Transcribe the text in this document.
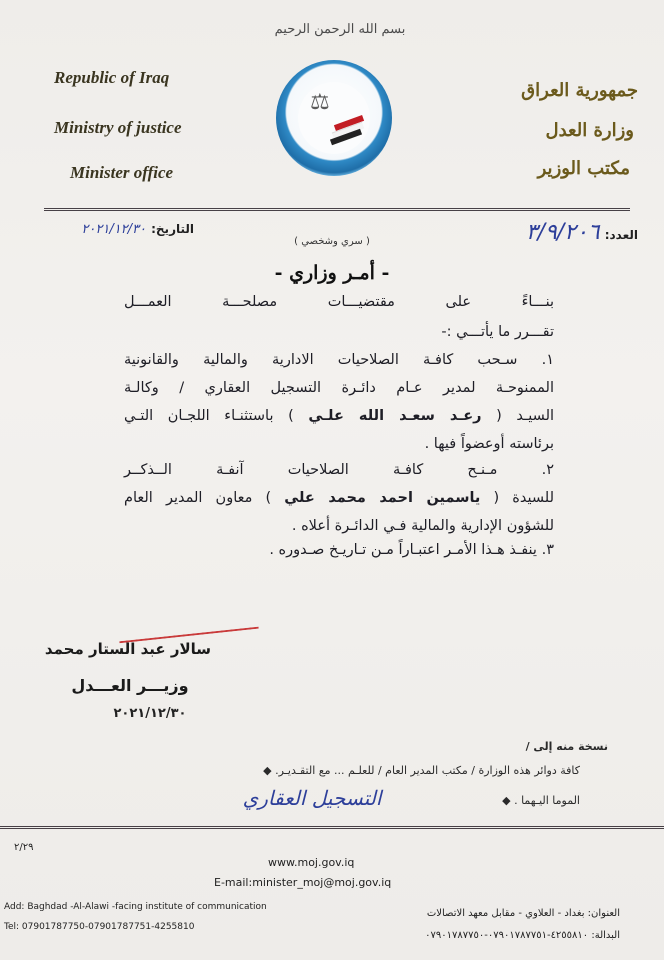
بسم الله الرحمن الرحيم
Republic of Iraq
Ministry of justice
Minister office
⚖	جمهورية العراق
وزارة العدل
مكتب الوزير
التاريخ: ٢٠٢١/١٢/٣٠	العدد: ٣/٩/٢٠٦
( سري وشخصي )
- أمـر وزاري -
بنـــاءً على مقتضيـــات مصلحـــة العمـــل
تقـــرر ما يأتـــي :-
١. سـحب كافـة الصلاحيات الادارية والمالية والقانونية
الممنوحـة لمدير عـام دائـرة التسجيل العقاري / وكالـة
السيـد ( رعـد سعـد الله علـي ) باستثنـاء اللجـان التـي
برئاسته أوعضواً فيها .
٢. مـنـح كافـة الصلاحيات آنفـة الــذكــر
للسيدة ( ياسمين احمد محمد علي ) معاون المدير العام
للشؤون الإدارية والمالية فـي الدائـرة أعلاه .
٣. ينفـذ هـذا الأمـر اعتبـاراً مـن تـاريـخ صـدوره .
سالار عبد الستار محمد
وزيـــر العـــدل
٢٠٢١/١٢/٣٠
نسخة منه إلى /
كافة دوائر هذه الوزارة / مكتب المدير العام / للعلـم ... مع التقـديـر. ◆
الموما اليـهما . ◆
التسجيل العقاري
٢/٢٩
www.moj.gov.iq
E-mail:minister_moj@moj.gov.iq
Add: Baghdad -Al-Alawi -facing institute of communication
Tel: 07901787750-07901787751-4255810
العنوان: بغداد - العلاوي - مقابل معهد الاتصالات
البدالة: ٤٢٥٥٨١٠-٠٧٩٠١٧٨٧٧٥١-٠٧٩٠١٧٨٧٧٥٠
